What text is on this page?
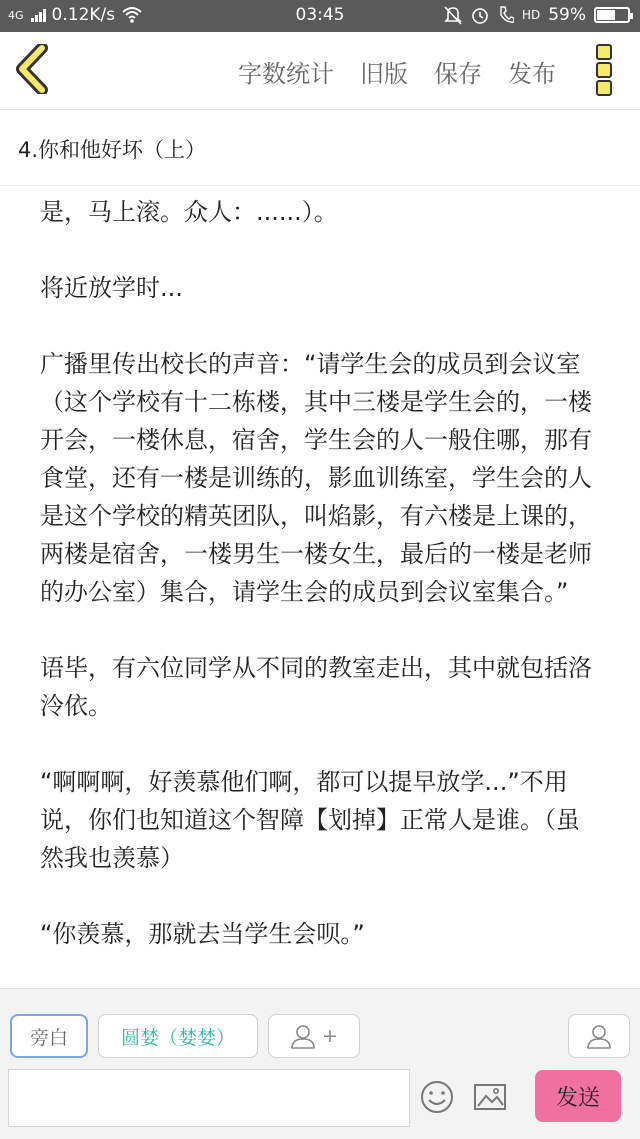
4G 0.12K/s	03:45	HD 59%
字数统计 旧版 保存 发布
4.你和他好坏（上）

是，马上滚。众人：......）。

将近放学时...

广播里传出校长的声音：“请学生会的成员到会议室（这个学校有十二栋楼，其中三楼是学生会的，一楼开会，一楼休息，宿舍，学生会的人一般住哪，那有食堂，还有一楼是训练的，影血训练室，学生会的人是这个学校的精英团队，叫焰影，有六楼是上课的，两楼是宿舍，一楼男生一楼女生，最后的一楼是老师的办公室）集合，请学生会的成员到会议室集合。”

语毕，有六位同学从不同的教室走出，其中就包括洛泠依。

“啊啊啊，好羡慕他们啊，都可以提早放学...”不用说，你们也知道这个智障【划掉】正常人是谁。（虽然我也羡慕）

“你羡慕，那就去当学生会呗。”

旁白	圆婪（婪婪）	+
发送
